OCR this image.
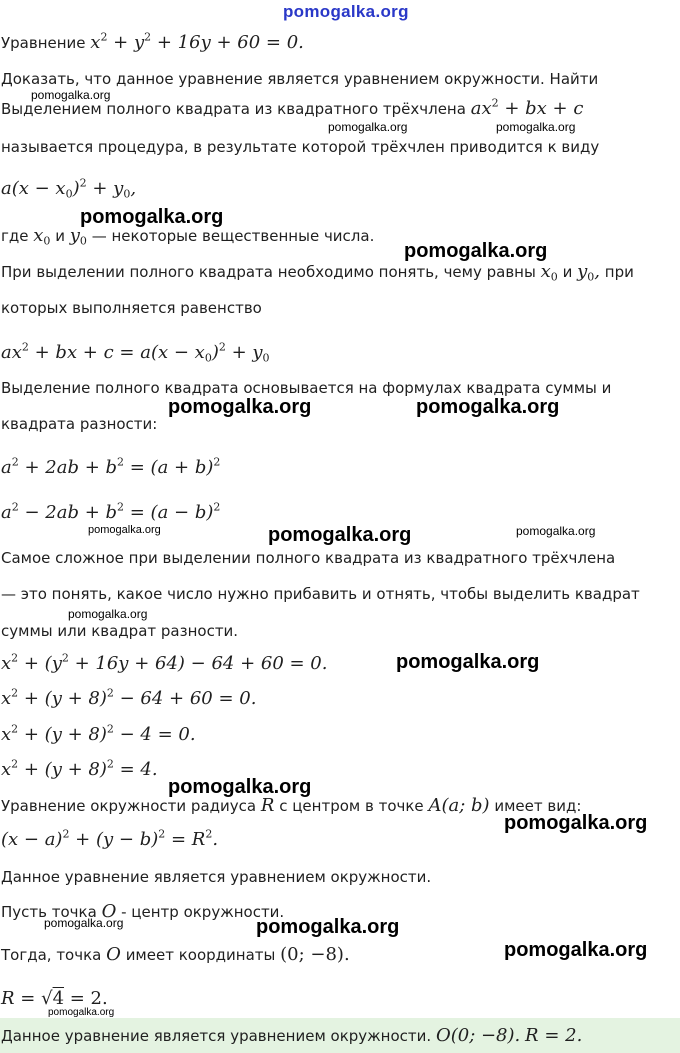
pomogalka.org
Уравнение $x^2 + y^2 + 16y + 60 = 0$.
Доказать, что данное уравнение является уравнением окружности. Найти
Выделением полного квадрата из квадратного трёхчлена $ax^2$ + bx + c
называется процедура, в результате которой трёхчлен приводится к виду
$a(x - x_0)^2 + y_0$,
где $x_0$ и $y_0$ — некоторые вещественные числа.
При выделении полного квадрата необходимо понять, чему равны $x_0$ и $y_0$, при
которых выполняется равенство
$ax^2$ + bx + $c = a(x - x_0)^2 + y_0$
Выделение полного квадрата основывается на формулах квадрата суммы и
квадрата разности:
$a^2 + 2ab + b^2 = (a + b)^2$
$a^2 - 2ab + b^2 = (a - b)^2$
Самое сложное при выделении полного квадрата из квадратного трёхчлена
— это понять, какое число нужно прибавить и отнять, чтобы выделить квадрат
суммы или квадрат разности.
$x^2 + (y^2 + 16y + 64) - 64 + 60 = 0$.
$x^2 + (y + 8)^2 - 64 + 60 = 0$.
$x^2 + (y + 8)^2 - 4 = 0$.
$x^2 + (y + 8)^2 = 4$.
Уравнение окружности радиуса R с центром в точке A(a; b) имеет вид:
$(x - a)^2 + (y - b)^2 = R^2$.
Данное уравнение является уравнением окружности.
Пусть точка O - центр окружности.
Тогда, точка O имеет координаты (0; −8).
R = √4 = 2.
Данное уравнение является уравнением окружности. O(0; −8). R = 2.
pomogalka.org
pomogalka.org	pomogalka.org
pomogalka.org
pomogalka.org
pomogalka.org	pomogalka.org
pomogalka.org	pomogalka.org	pomogalka.org
pomogalka.org
pomogalka.org
pomogalka.org
pomogalka.org
pomogalka.org	pomogalka.org
pomogalka.org
pomogalka.org
